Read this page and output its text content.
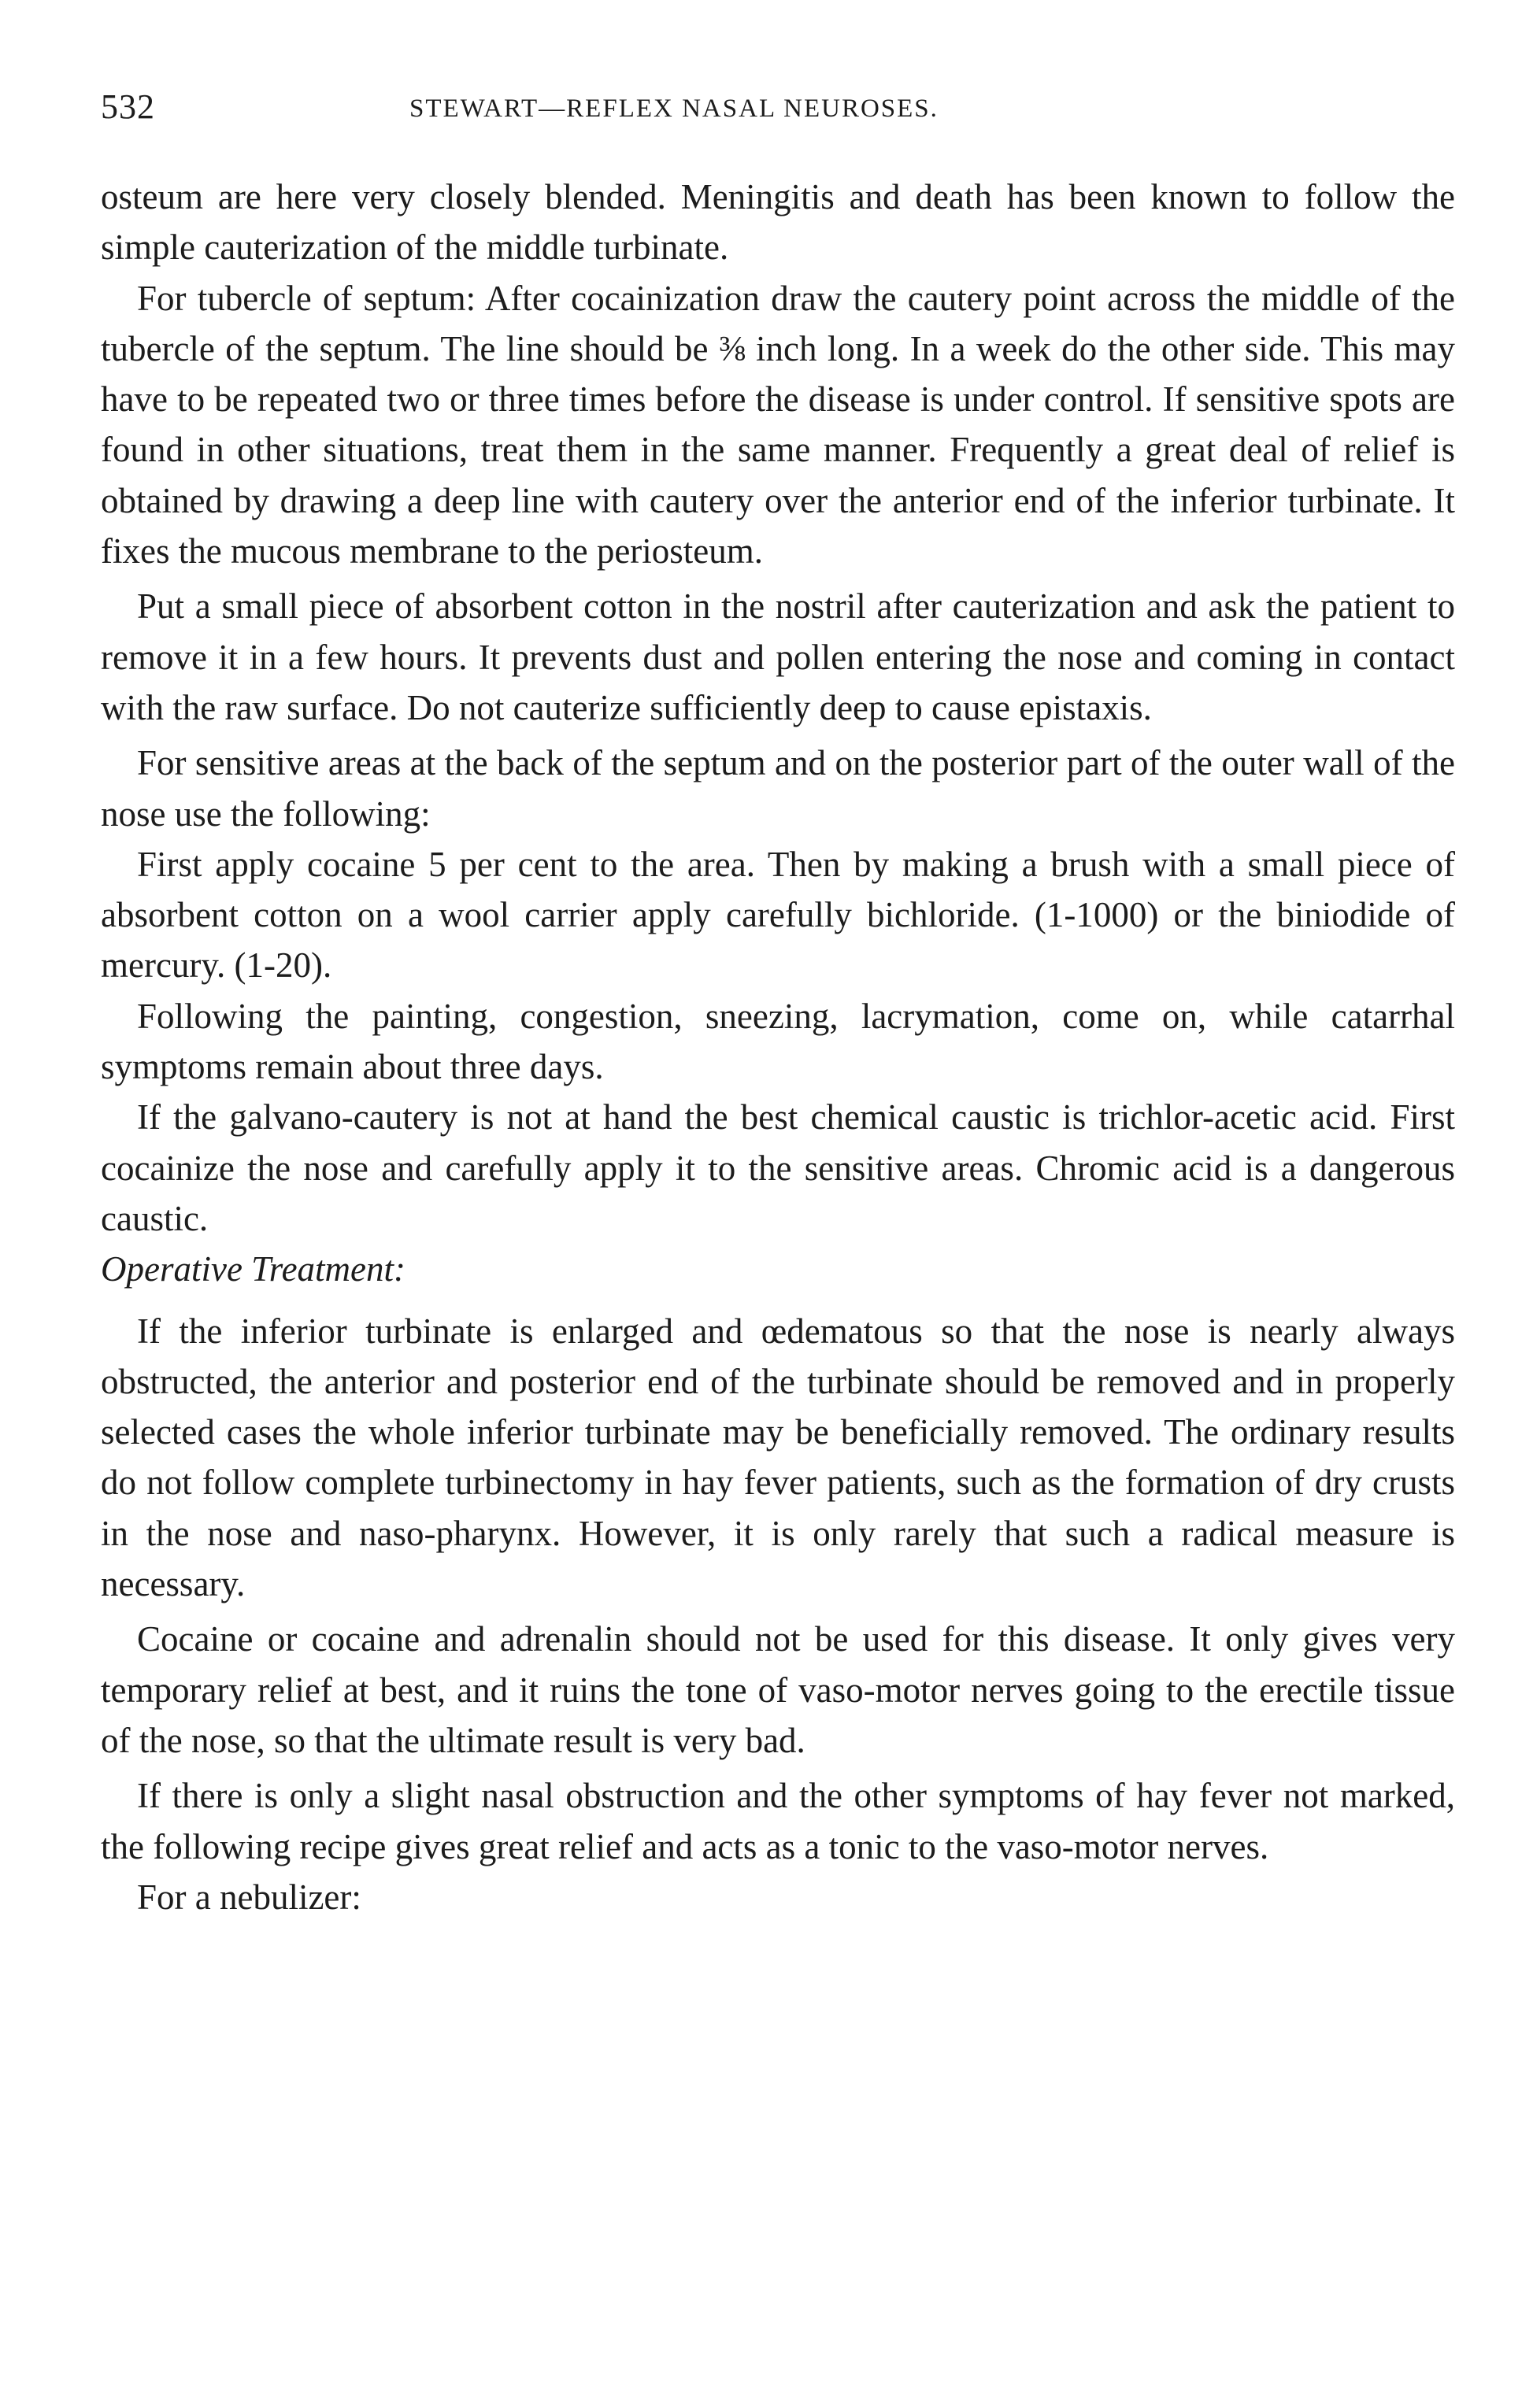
532	STEWART—REFLEX NASAL NEUROSES.

osteum are here very closely blended. Meningitis and death has been known to follow the simple cauterization of the middle turbinate.

For tubercle of septum: After cocainization draw the cautery point across the middle of the tubercle of the septum. The line should be ⅜ inch long. In a week do the other side. This may have to be repeated two or three times before the disease is under control. If sensitive spots are found in other situations, treat them in the same manner. Frequently a great deal of relief is obtained by drawing a deep line with cautery over the anterior end of the inferior turbinate. It fixes the mucous membrane to the periosteum.

Put a small piece of absorbent cotton in the nostril after cauterization and ask the patient to remove it in a few hours. It prevents dust and pollen entering the nose and coming in contact with the raw surface. Do not cauterize sufficiently deep to cause epistaxis.

For sensitive areas at the back of the septum and on the posterior part of the outer wall of the nose use the following:

First apply cocaine 5 per cent to the area. Then by making a brush with a small piece of absorbent cotton on a wool carrier apply carefully bichloride. (1-1000) or the biniodide of mercury. (1-20).

Following the painting, congestion, sneezing, lacrymation, come on, while catarrhal symptoms remain about three days.

If the galvano-cautery is not at hand the best chemical caustic is trichlor-acetic acid. First cocainize the nose and carefully apply it to the sensitive areas. Chromic acid is a dangerous caustic.

Operative Treatment:

If the inferior turbinate is enlarged and œdematous so that the nose is nearly always obstructed, the anterior and posterior end of the turbinate should be removed and in properly selected cases the whole inferior turbinate may be beneficially removed. The ordinary results do not follow complete turbinectomy in hay fever patients, such as the formation of dry crusts in the nose and naso-pharynx. However, it is only rarely that such a radical measure is necessary.

Cocaine or cocaine and adrenalin should not be used for this disease. It only gives very temporary relief at best, and it ruins the tone of vaso-motor nerves going to the erectile tissue of the nose, so that the ultimate result is very bad.

If there is only a slight nasal obstruction and the other symptoms of hay fever not marked, the following recipe gives great relief and acts as a tonic to the vaso-motor nerves.

For a nebulizer:
